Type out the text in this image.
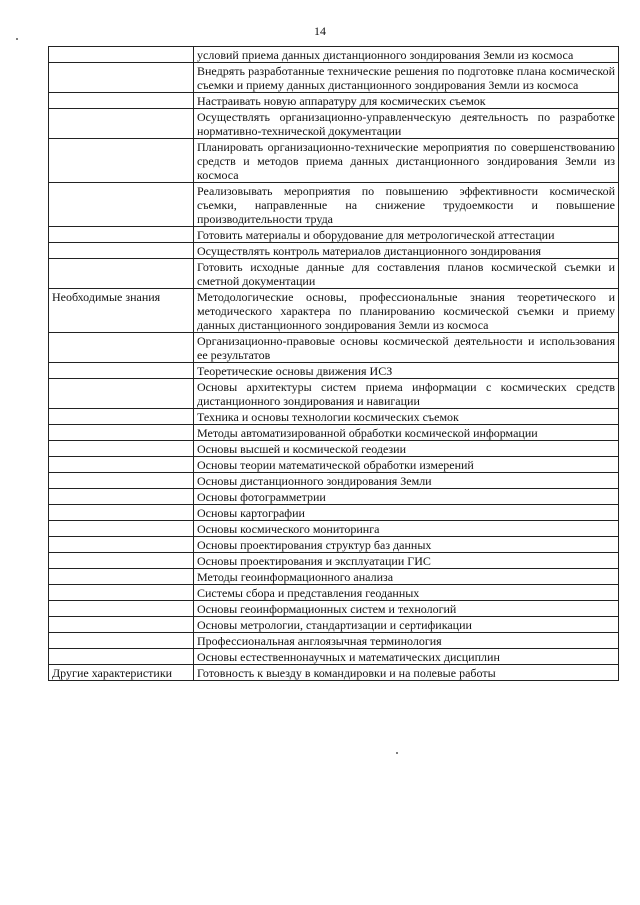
14
	условий приема данных дистанционного зондирования Земли из космоса
	Внедрять разработанные технические решения по подготовке плана космической съемки и приему данных дистанционного зондирования Земли из космоса
	Настраивать новую аппаратуру для космических съемок
	Осуществлять организационно-управленческую деятельность по разработке нормативно-технической документации
	Планировать организационно-технические мероприятия по совершенствованию средств и методов приема данных дистанционного зондирования Земли из космоса
	Реализовывать мероприятия по повышению эффективности космической съемки, направленные на снижение трудоемкости и повышение производительности труда
	Готовить материалы и оборудование для метрологической аттестации
	Осуществлять контроль материалов дистанционного зондирования
	Готовить исходные данные для составления планов космической съемки и сметной документации
Необходимые знания	Методологические основы, профессиональные знания теоретического и методического характера по планированию космической съемки и приему данных дистанционного зондирования Земли из космоса
	Организационно-правовые основы космической деятельности и использования ее результатов
	Теоретические основы движения ИСЗ
	Основы архитектуры систем приема информации с космических средств дистанционного зондирования и навигации
	Техника и основы технологии космических съемок
	Методы автоматизированной обработки космической информации
	Основы высшей и космической геодезии
	Основы теории математической обработки измерений
	Основы дистанционного зондирования Земли
	Основы фотограмметрии
	Основы картографии
	Основы космического мониторинга
	Основы проектирования структур баз данных
	Основы проектирования и эксплуатации ГИС
	Методы геоинформационного анализа
	Системы сбора и представления геоданных
	Основы геоинформационных систем и технологий
	Основы метрологии, стандартизации и сертификации
	Профессиональная англоязычная терминология
	Основы естественнонаучных и математических дисциплин
Другие характеристики	Готовность к выезду в командировки и на полевые работы
